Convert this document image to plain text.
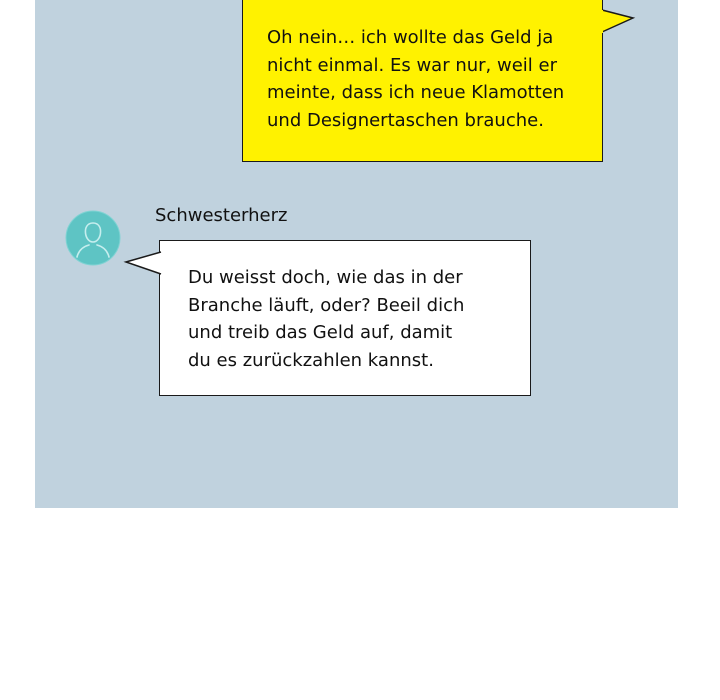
Oh nein… ich wollte das Geld ja
nicht einmal. Es war nur, weil er
meinte, dass ich neue Klamotten
und Designertaschen brauche.
Schwesterherz
Du weisst doch, wie das in der
Branche läuft, oder? Beeil dich
und treib das Geld auf, damit
du es zurückzahlen kannst.
